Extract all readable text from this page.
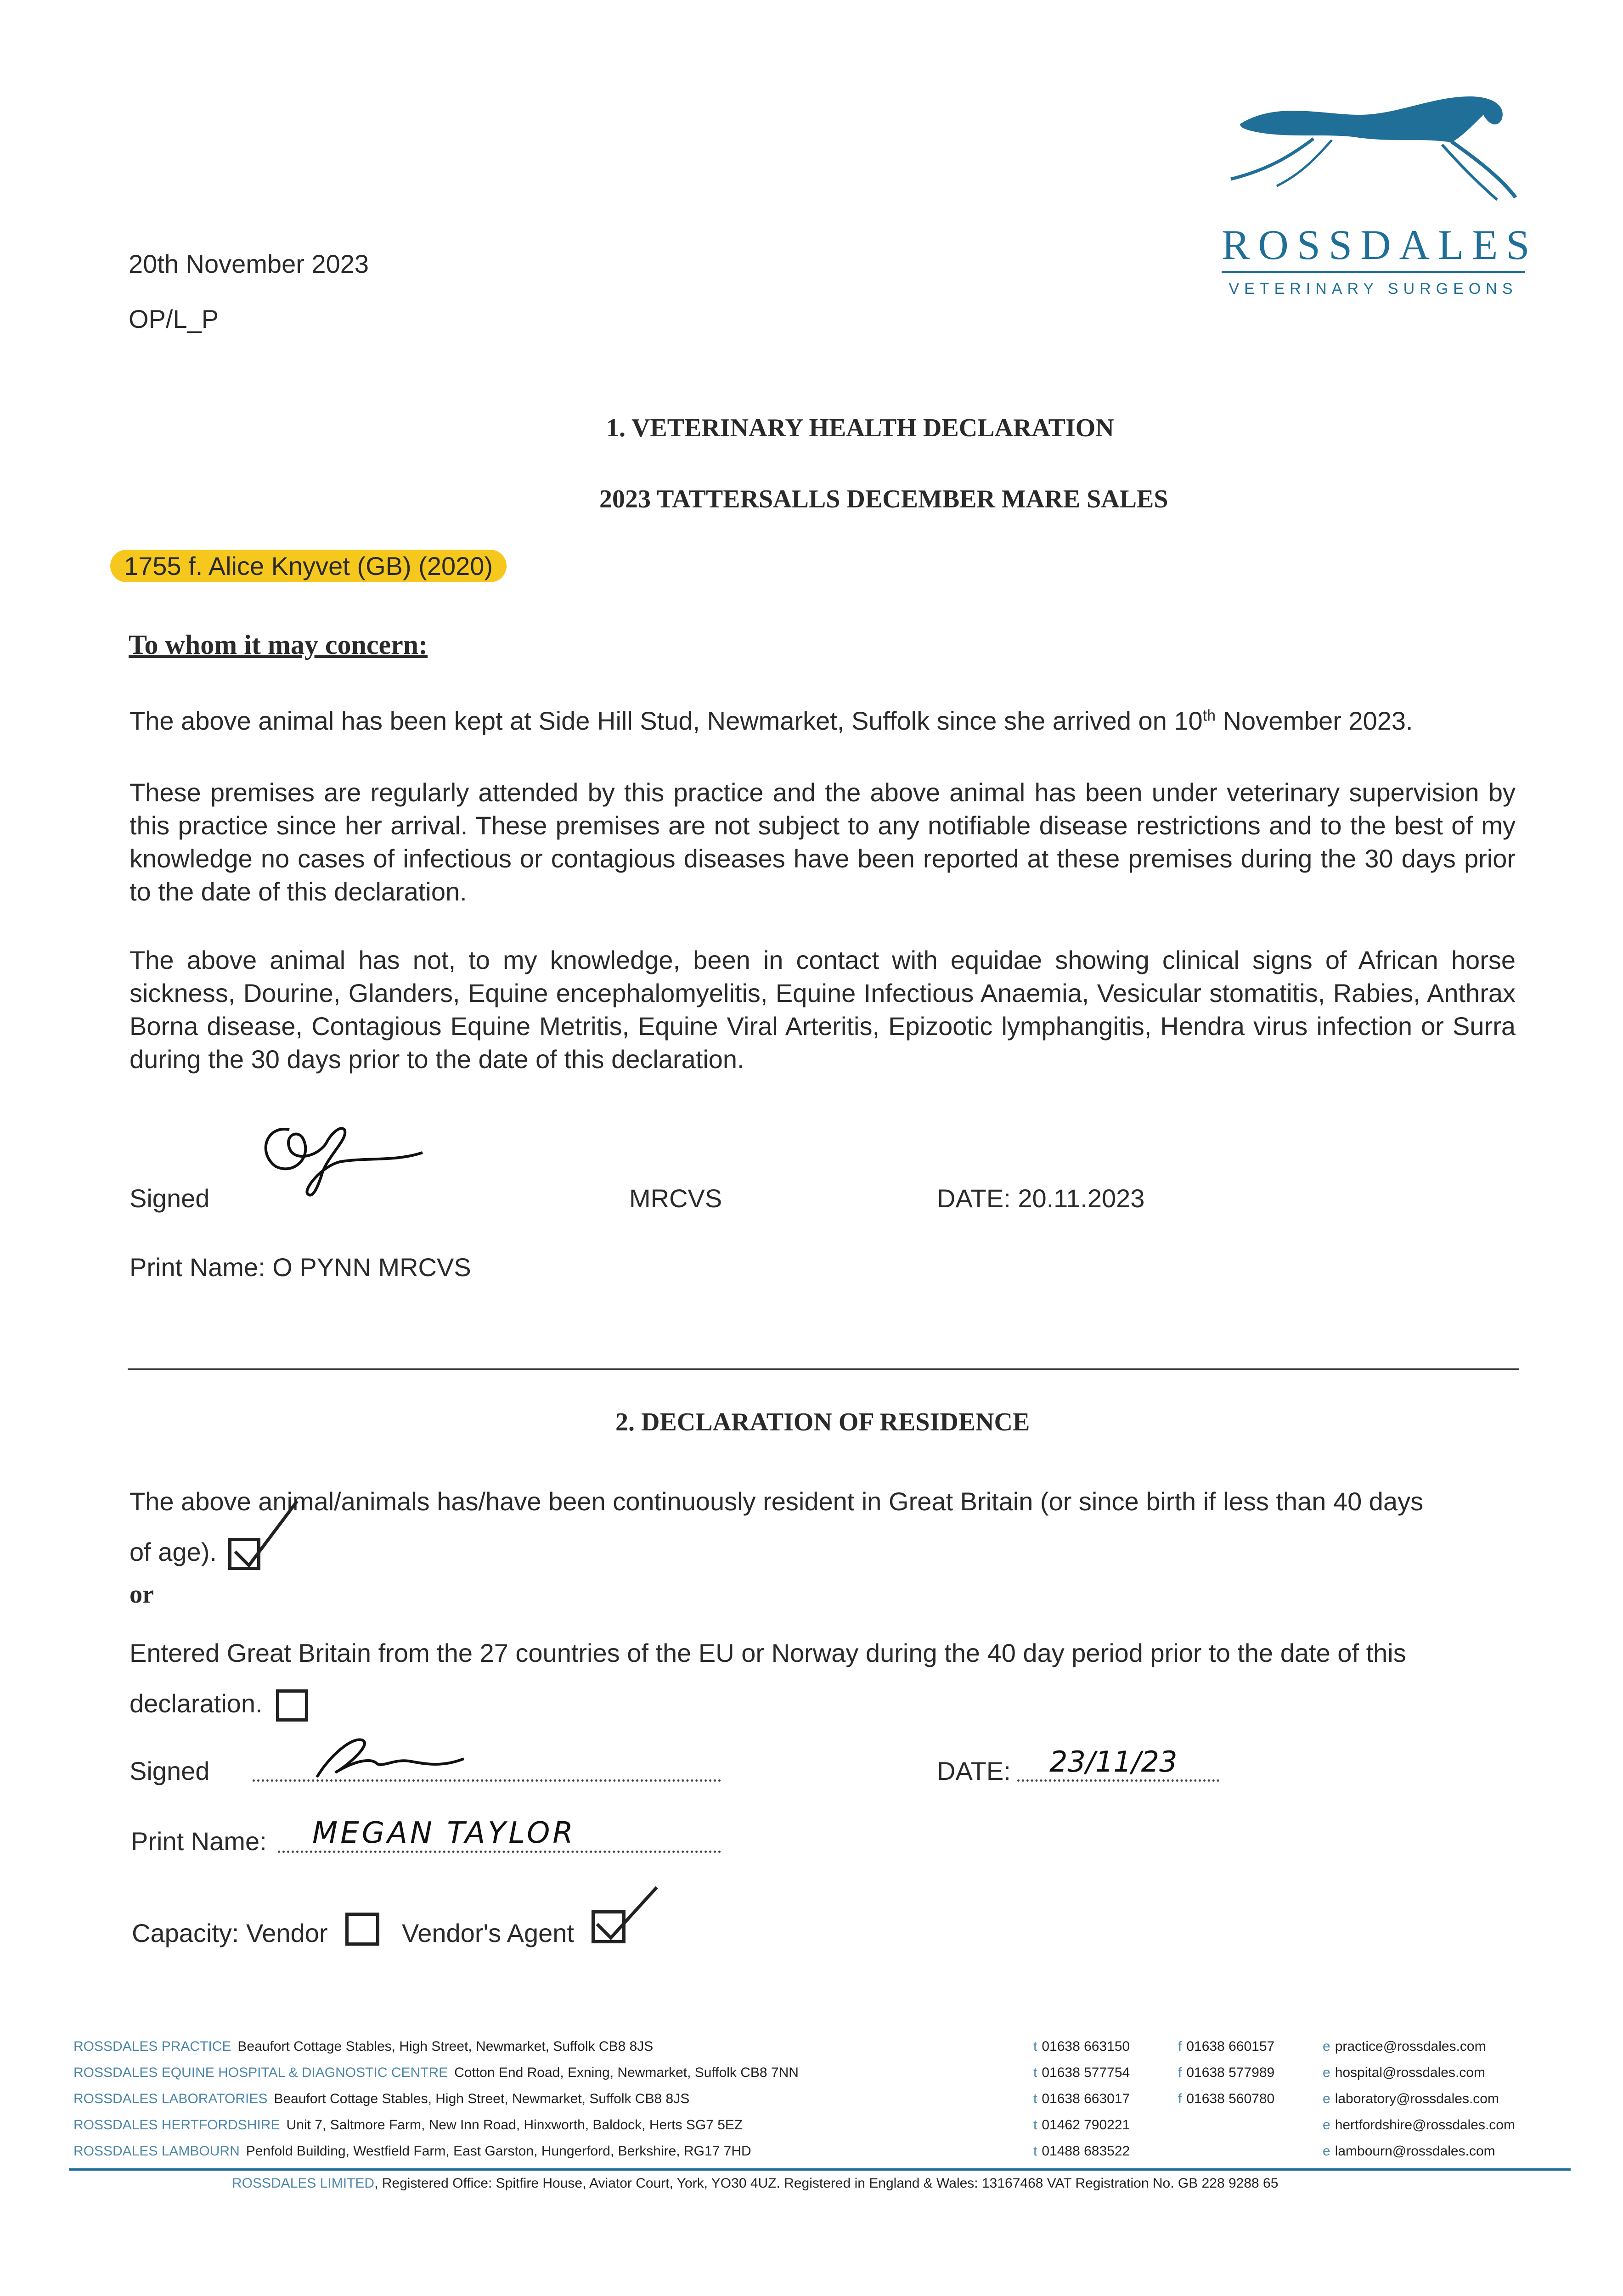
20th November 2023
OP/L_P
ROSSDALES
VETERINARY SURGEONS
1. VETERINARY HEALTH DECLARATION
2023 TATTERSALLS DECEMBER MARE SALES
1755 f. Alice Knyvet (GB) (2020)
To whom it may concern:
The above animal has been kept at Side Hill Stud, Newmarket, Suffolk since she arrived on 10th November 2023.
These premises are regularly attended by this practice and the above animal has been under veterinary supervision by this practice since her arrival. These premises are not subject to any notifiable disease restrictions and to the best of my knowledge no cases of infectious or contagious diseases have been reported at these premises during the 30 days prior to the date of this declaration.
The above animal has not, to my knowledge, been in contact with equidae showing clinical signs of African horse sickness, Dourine, Glanders, Equine encephalomyelitis, Equine Infectious Anaemia, Vesicular stomatitis, Rabies, Anthrax Borna disease, Contagious Equine Metritis, Equine Viral Arteritis, Epizootic lymphangitis, Hendra virus infection or Surra during the 30 days prior to the date of this declaration.
Signed	MRCVS	DATE: 20.11.2023
Print Name: O PYNN MRCVS
2. DECLARATION OF RESIDENCE
The above animal/animals has/have been continuously resident in Great Britain (or since birth if less than 40 days of age).
or
Entered Great Britain from the 27 countries of the EU or Norway during the 40 day period prior to the date of this declaration.
Signed	DATE: 23/11/23
Print Name: MEGAN TAYLOR
Capacity: Vendor	Vendor's Agent
ROSSDALES PRACTICE Beaufort Cottage Stables, High Street, Newmarket, Suffolk CB8 8JS	t 01638 663150	f 01638 660157	e practice@rossdales.com
ROSSDALES EQUINE HOSPITAL & DIAGNOSTIC CENTRE Cotton End Road, Exning, Newmarket, Suffolk CB8 7NN	t 01638 577754	f 01638 577989	e hospital@rossdales.com
ROSSDALES LABORATORIES Beaufort Cottage Stables, High Street, Newmarket, Suffolk CB8 8JS	t 01638 663017	f 01638 560780	e laboratory@rossdales.com
ROSSDALES HERTFORDSHIRE Unit 7, Saltmore Farm, New Inn Road, Hinxworth, Baldock, Herts SG7 5EZ	t 01462 790221	e hertfordshire@rossdales.com
ROSSDALES LAMBOURN Penfold Building, Westfield Farm, East Garston, Hungerford, Berkshire, RG17 7HD	t 01488 683522	e lambourn@rossdales.com
ROSSDALES LIMITED, Registered Office: Spitfire House, Aviator Court, York, YO30 4UZ. Registered in England & Wales: 13167468 VAT Registration No. GB 228 9288 65
